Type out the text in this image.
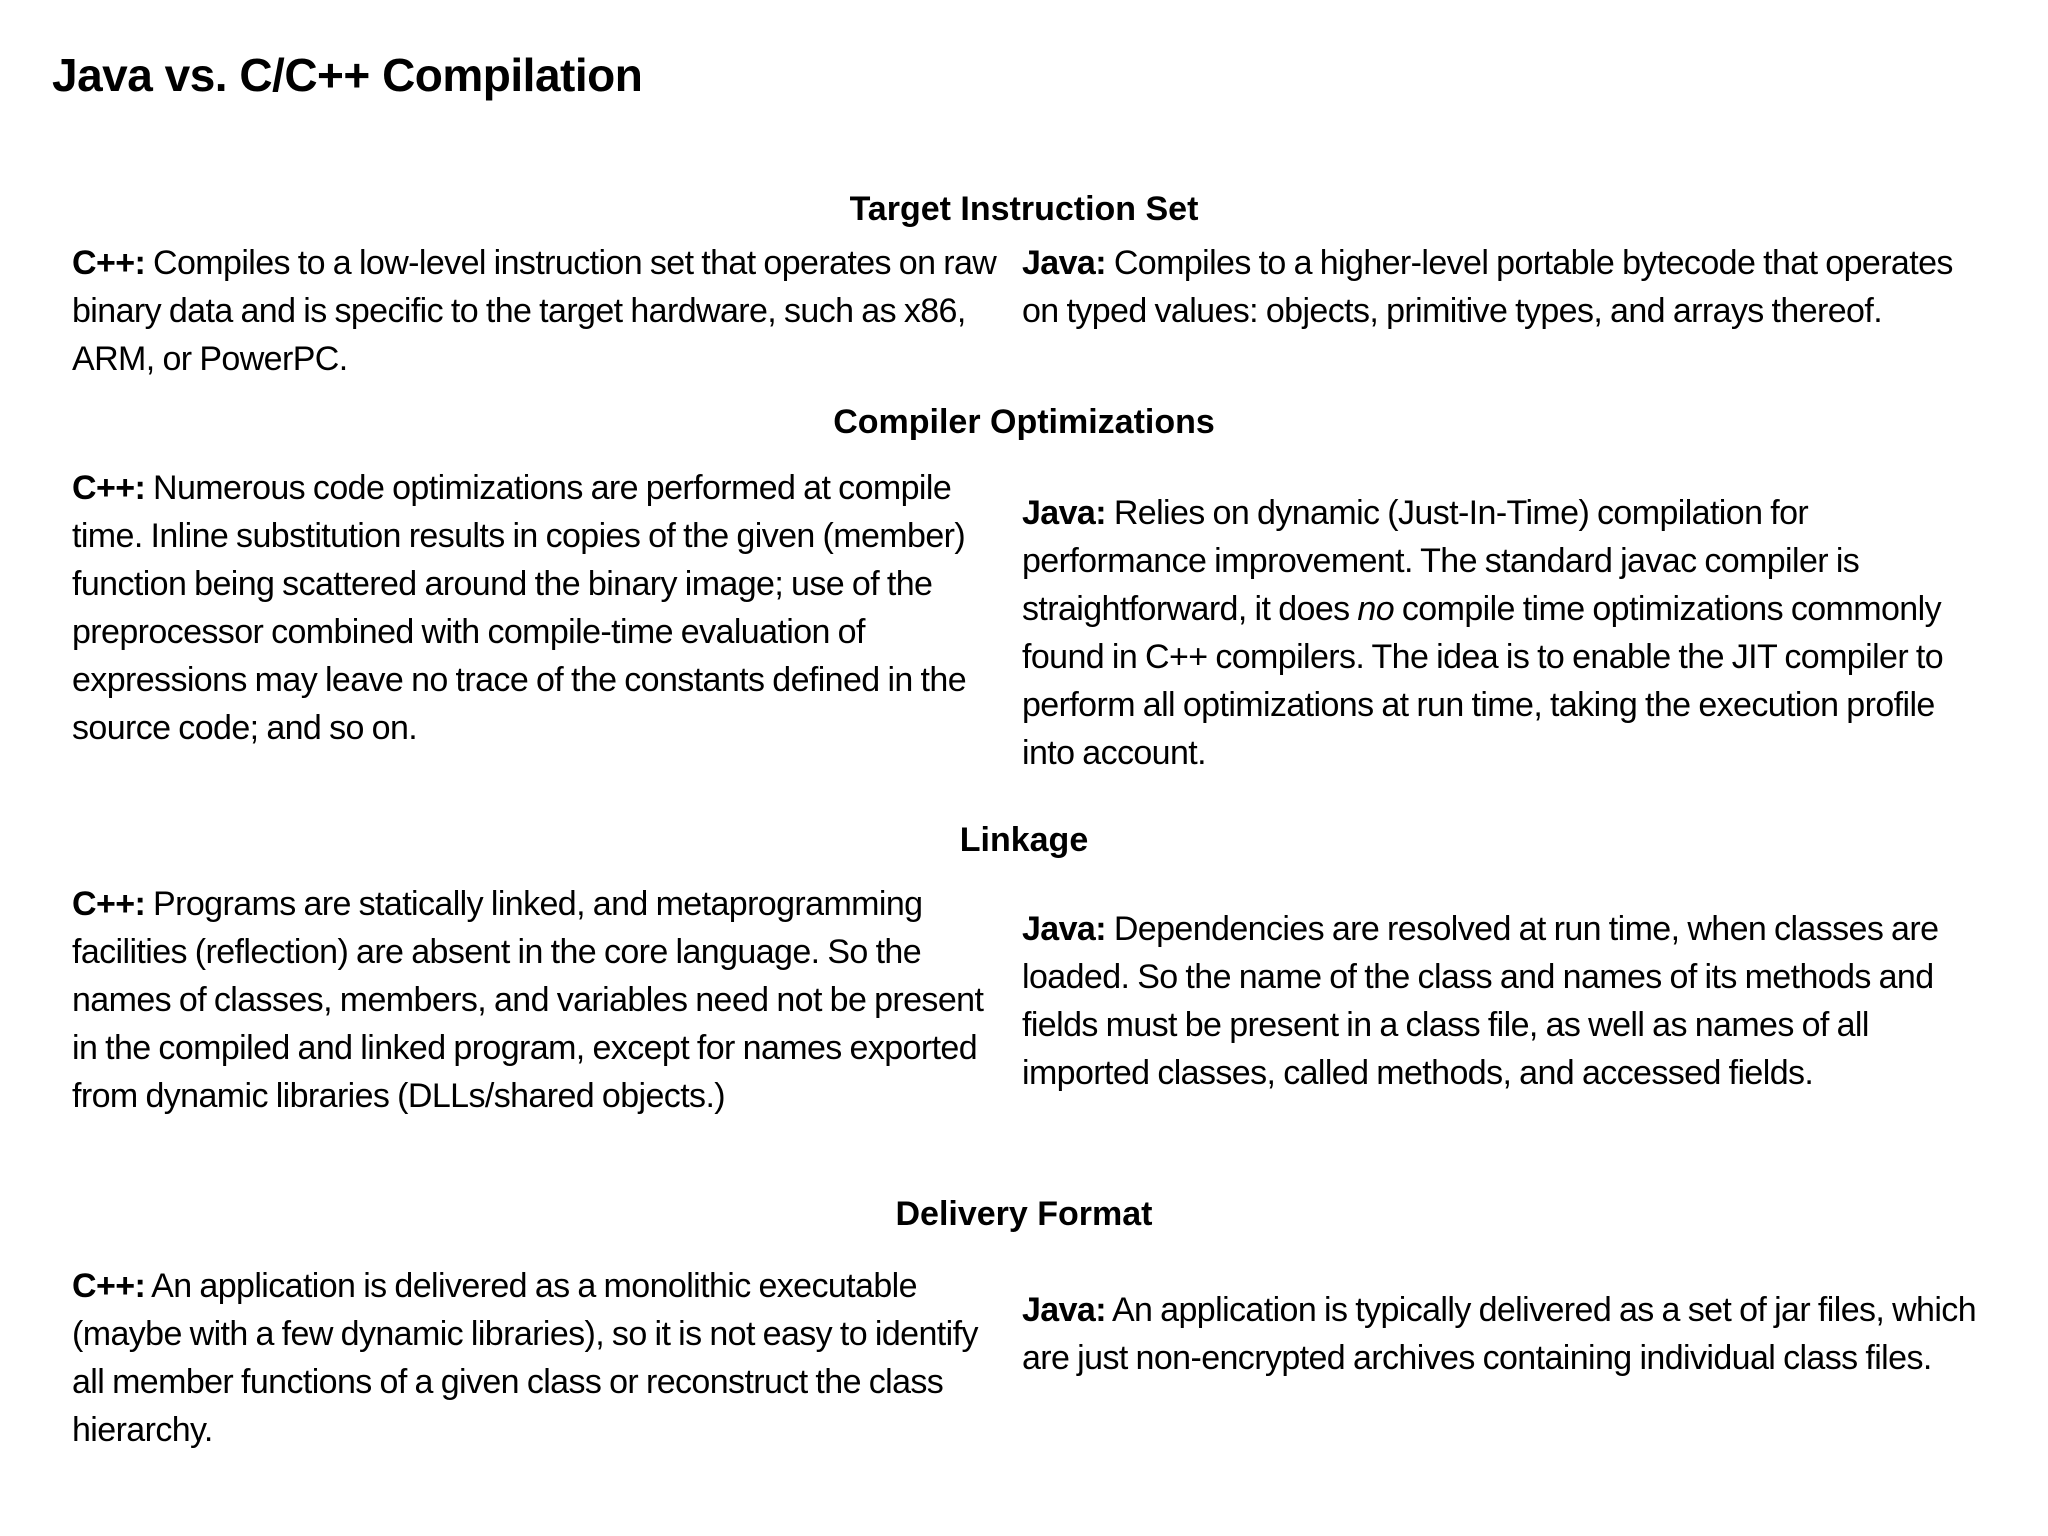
Java vs. C/C++ Compilation
Target Instruction Set

C++: Compiles to a low-level instruction set that operates on raw binary data and is specific to the target hardware, such as x86, ARM, or PowerPC.

Java: Compiles to a higher-level portable bytecode that operates on typed values: objects, primitive types, and arrays thereof.

Compiler Optimizations

C++: Numerous code optimizations are performed at compile time. Inline substitution results in copies of the given (member) function being scattered around the binary image; use of the preprocessor combined with compile-time evaluation of expressions may leave no trace of the constants defined in the source code; and so on.

Java: Relies on dynamic (Just-In-Time) compilation for performance improvement. The standard javac compiler is straightforward, it does no compile time optimizations commonly found in C++ compilers. The idea is to enable the JIT compiler to perform all optimizations at run time, taking the execution profile into account.

Linkage

C++: Programs are statically linked, and metaprogramming facilities (reflection) are absent in the core language. So the names of classes, members, and variables need not be present in the compiled and linked program, except for names exported from dynamic libraries (DLLs/shared objects.)

Java: Dependencies are resolved at run time, when classes are loaded. So the name of the class and names of its methods and fields must be present in a class file, as well as names of all imported classes, called methods, and accessed fields.

Delivery Format

C++: An application is delivered as a monolithic executable (maybe with a few dynamic libraries), so it is not easy to identify all member functions of a given class or reconstruct the class hierarchy.

Java: An application is typically delivered as a set of jar files, which are just non-encrypted archives containing individual class files.
